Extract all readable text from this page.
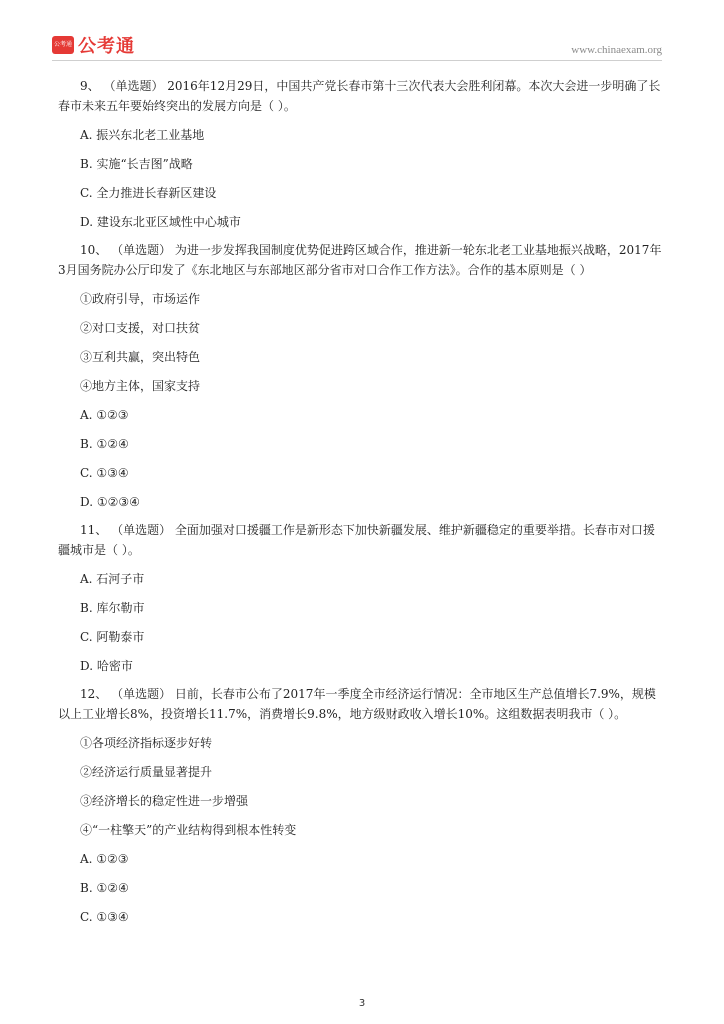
公考通 公考通	www.chinaexam.org

9、 （单选题） 2016年12月29日，中国共产党长春市第十三次代表大会胜利闭幕。本次大会进一步明确了长春市未来五年要始终突出的发展方向是（ ）。

A. 振兴东北老工业基地

B. 实施“长吉图”战略

C. 全力推进长春新区建设

D. 建设东北亚区域性中心城市

10、 （单选题） 为进一步发挥我国制度优势促进跨区域合作，推进新一轮东北老工业基地振兴战略，2017年3月国务院办公厅印发了《东北地区与东部地区部分省市对口合作工作方法》。合作的基本原则是（ ）

①政府引导，市场运作

②对口支援，对口扶贫

③互利共赢，突出特色

④地方主体，国家支持

A. ①②③

B. ①②④

C. ①③④

D. ①②③④

11、 （单选题） 全面加强对口援疆工作是新形态下加快新疆发展、维护新疆稳定的重要举措。长春市对口援疆城市是（ ）。

A. 石河子市

B. 库尔勒市

C. 阿勒泰市

D. 哈密市

12、 （单选题） 日前，长春市公布了2017年一季度全市经济运行情况：全市地区生产总值增长7.9%，规模以上工业增长8%，投资增长11.7%，消费增长9.8%，地方级财政收入增长10%。这组数据表明我市（ ）。

①各项经济指标逐步好转

②经济运行质量显著提升

③经济增长的稳定性进一步增强

④“一柱擎天”的产业结构得到根本性转变

A. ①②③

B. ①②④

C. ①③④

3
